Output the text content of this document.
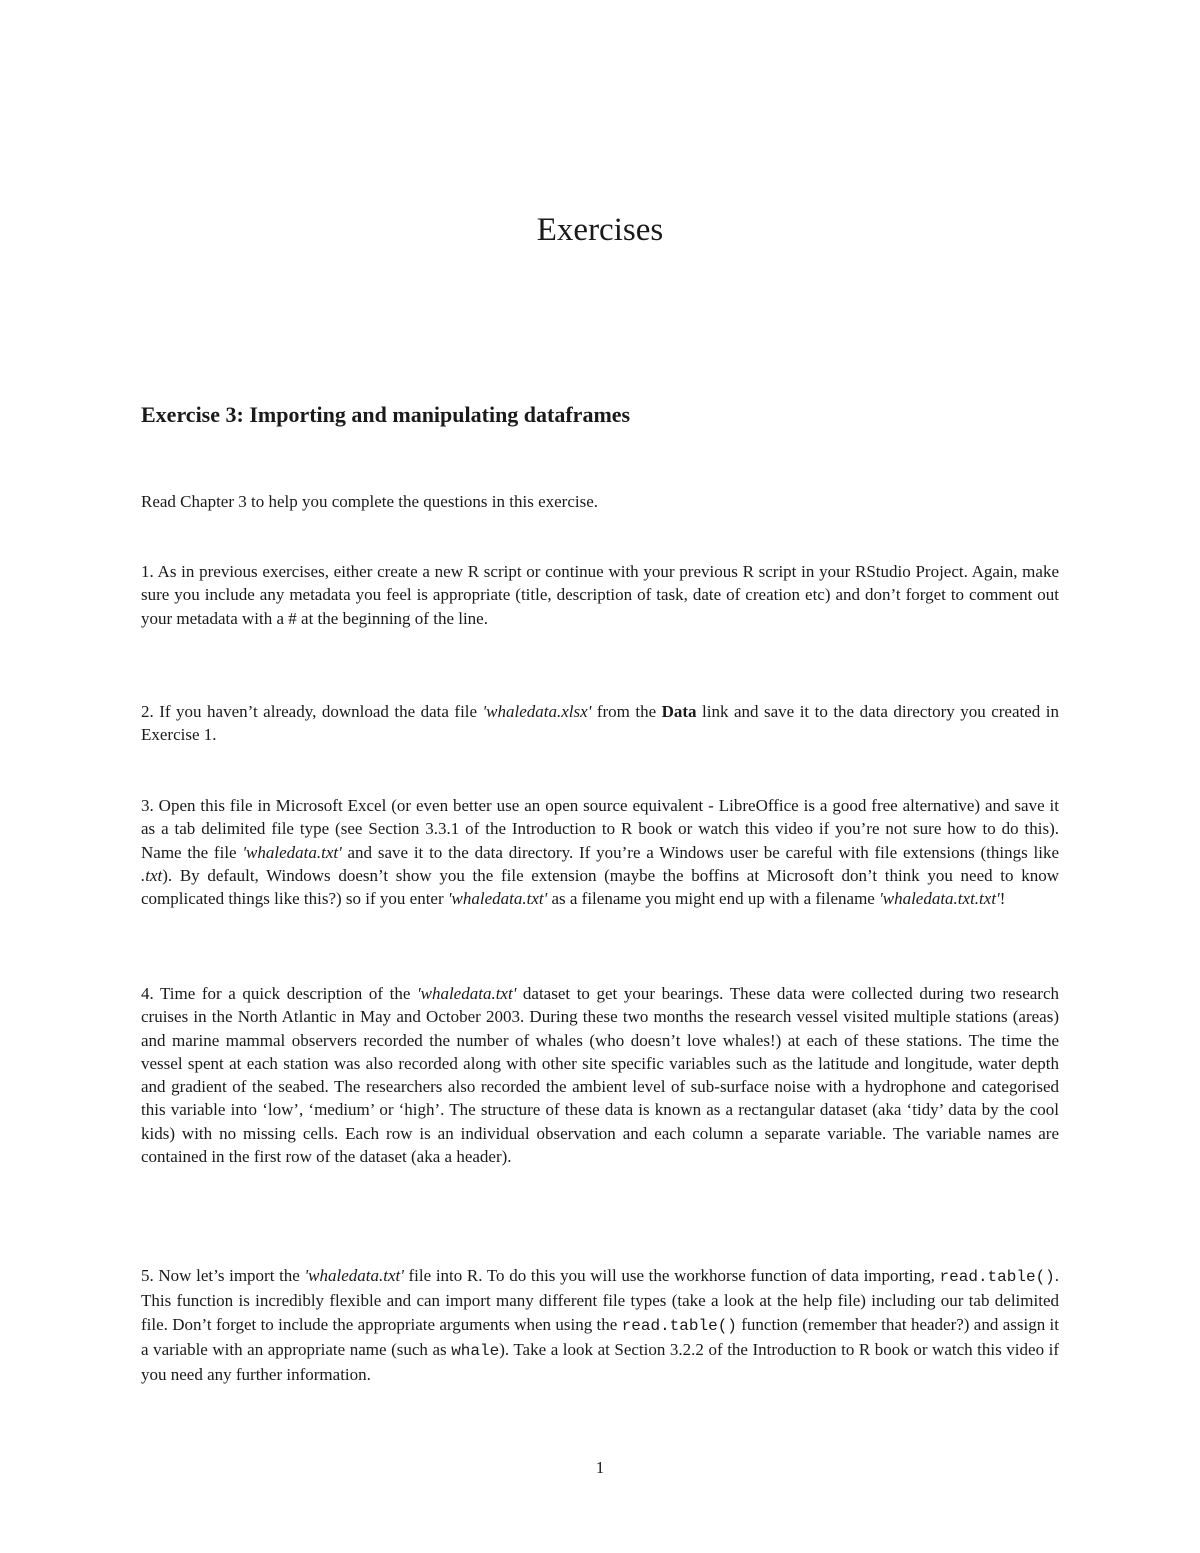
Exercises
Exercise 3: Importing and manipulating dataframes

Read Chapter 3 to help you complete the questions in this exercise.

1. As in previous exercises, either create a new R script or continue with your previous R script in your RStudio Project. Again, make sure you include any metadata you feel is appropriate (title, description of task, date of creation etc) and don’t forget to comment out your metadata with a # at the beginning of the line.

2. If you haven’t already, download the data file 'whaledata.xlsx' from the Data link and save it to the data directory you created in Exercise 1.

3. Open this file in Microsoft Excel (or even better use an open source equivalent - LibreOffice is a good free alternative) and save it as a tab delimited file type (see Section 3.3.1 of the Introduction to R book or watch this video if you’re not sure how to do this). Name the file 'whaledata.txt' and save it to the data directory. If you’re a Windows user be careful with file extensions (things like .txt). By default, Windows doesn’t show you the file extension (maybe the boffins at Microsoft don’t think you need to know complicated things like this?) so if you enter 'whaledata.txt' as a filename you might end up with a filename 'whaledata.txt.txt'!

4. Time for a quick description of the 'whaledata.txt' dataset to get your bearings. These data were collected during two research cruises in the North Atlantic in May and October 2003. During these two months the research vessel visited multiple stations (areas) and marine mammal observers recorded the number of whales (who doesn’t love whales!) at each of these stations. The time the vessel spent at each station was also recorded along with other site specific variables such as the latitude and longitude, water depth and gradient of the seabed. The researchers also recorded the ambient level of sub-surface noise with a hydrophone and categorised this variable into ‘low’, ‘medium’ or ‘high’. The structure of these data is known as a rectangular dataset (aka ‘tidy’ data by the cool kids) with no missing cells. Each row is an individual observation and each column a separate variable. The variable names are contained in the first row of the dataset (aka a header).

5. Now let’s import the 'whaledata.txt' file into R. To do this you will use the workhorse function of data importing, read.table(). This function is incredibly flexible and can import many different file types (take a look at the help file) including our tab delimited file. Don’t forget to include the appropriate arguments when using the read.table() function (remember that header?) and assign it a variable with an appropriate name (such as whale). Take a look at Section 3.2.2 of the Introduction to R book or watch this video if you need any further information.

1
